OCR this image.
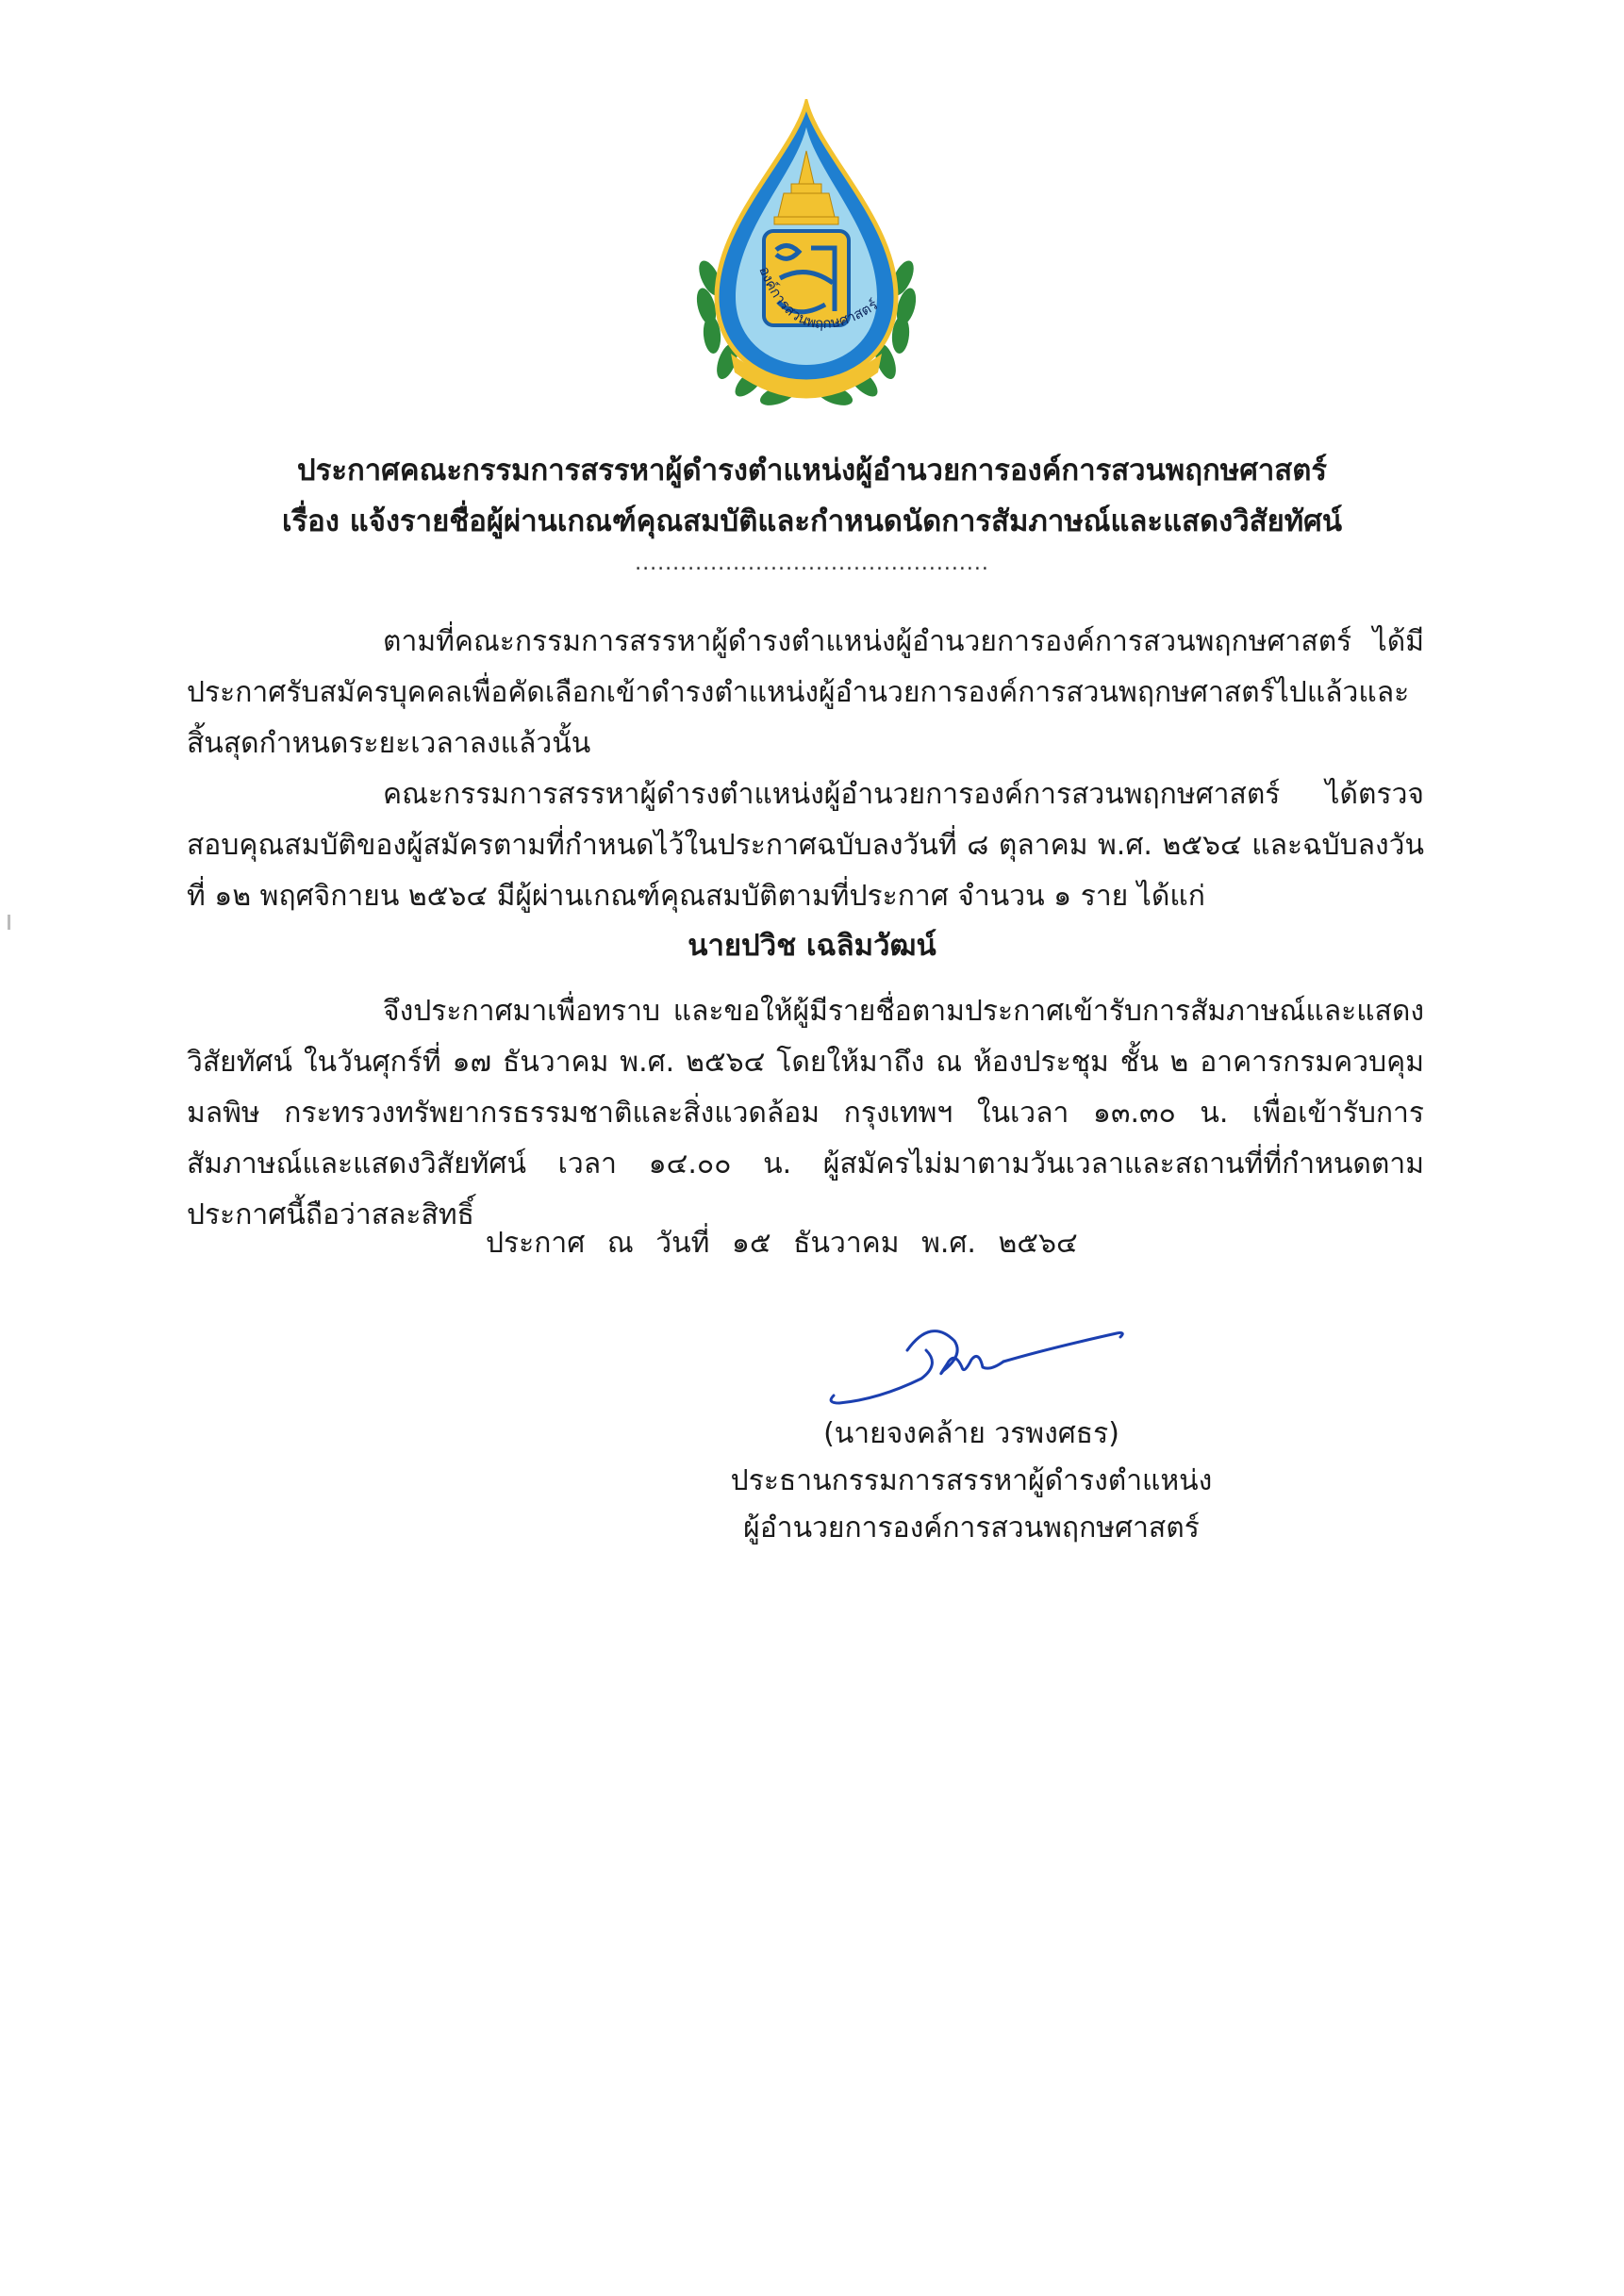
องค์การสวนพฤกษศาสตร์
ประกาศคณะกรรมการสรรหาผู้ดำรงตำแหน่งผู้อำนวยการองค์การสวนพฤกษศาสตร์
เรื่อง แจ้งรายชื่อผู้ผ่านเกณฑ์คุณสมบัติและกำหนดนัดการสัมภาษณ์และแสดงวิสัยทัศน์
...............................................
ตามที่คณะกรรมการสรรหาผู้ดำรงตำแหน่งผู้อำนวยการองค์การสวนพฤกษศาสตร์ ได้มีประกาศรับสมัครบุคคลเพื่อคัดเลือกเข้าดำรงตำแหน่งผู้อำนวยการองค์การสวนพฤกษศาสตร์ไปแล้วและสิ้นสุดกำหนดระยะเวลาลงแล้วนั้น
คณะกรรมการสรรหาผู้ดำรงตำแหน่งผู้อำนวยการองค์การสวนพฤกษศาสตร์ ได้ตรวจสอบคุณสมบัติของผู้สมัครตามที่กำหนดไว้ในประกาศฉบับลงวันที่ ๘ ตุลาคม พ.ศ. ๒๕๖๔ และฉบับลงวันที่ ๑๒ พฤศจิกายน ๒๕๖๔ มีผู้ผ่านเกณฑ์คุณสมบัติตามที่ประกาศ จำนวน ๑ ราย ได้แก่
นายปวิช เฉลิมวัฒน์
จึงประกาศมาเพื่อทราบ และขอให้ผู้มีรายชื่อตามประกาศเข้ารับการสัมภาษณ์และแสดงวิสัยทัศน์ ในวันศุกร์ที่ ๑๗ ธันวาคม พ.ศ. ๒๕๖๔ โดยให้มาถึง ณ ห้องประชุม ชั้น ๒ อาคารกรมควบคุมมลพิษ กระทรวงทรัพยากรธรรมชาติและสิ่งแวดล้อม กรุงเทพฯ ในเวลา ๑๓.๓๐ น. เพื่อเข้ารับการสัมภาษณ์และแสดงวิสัยทัศน์ เวลา ๑๔.๐๐ น. ผู้สมัครไม่มาตามวันเวลาและสถานที่ที่กำหนดตามประกาศนี้ถือว่าสละสิทธิ์
ประกาศ ณ วันที่ ๑๕ ธันวาคม พ.ศ. ๒๕๖๔
(นายจงคล้าย วรพงศธร)
ประธานกรรมการสรรหาผู้ดำรงตำแหน่ง
ผู้อำนวยการองค์การสวนพฤกษศาสตร์
